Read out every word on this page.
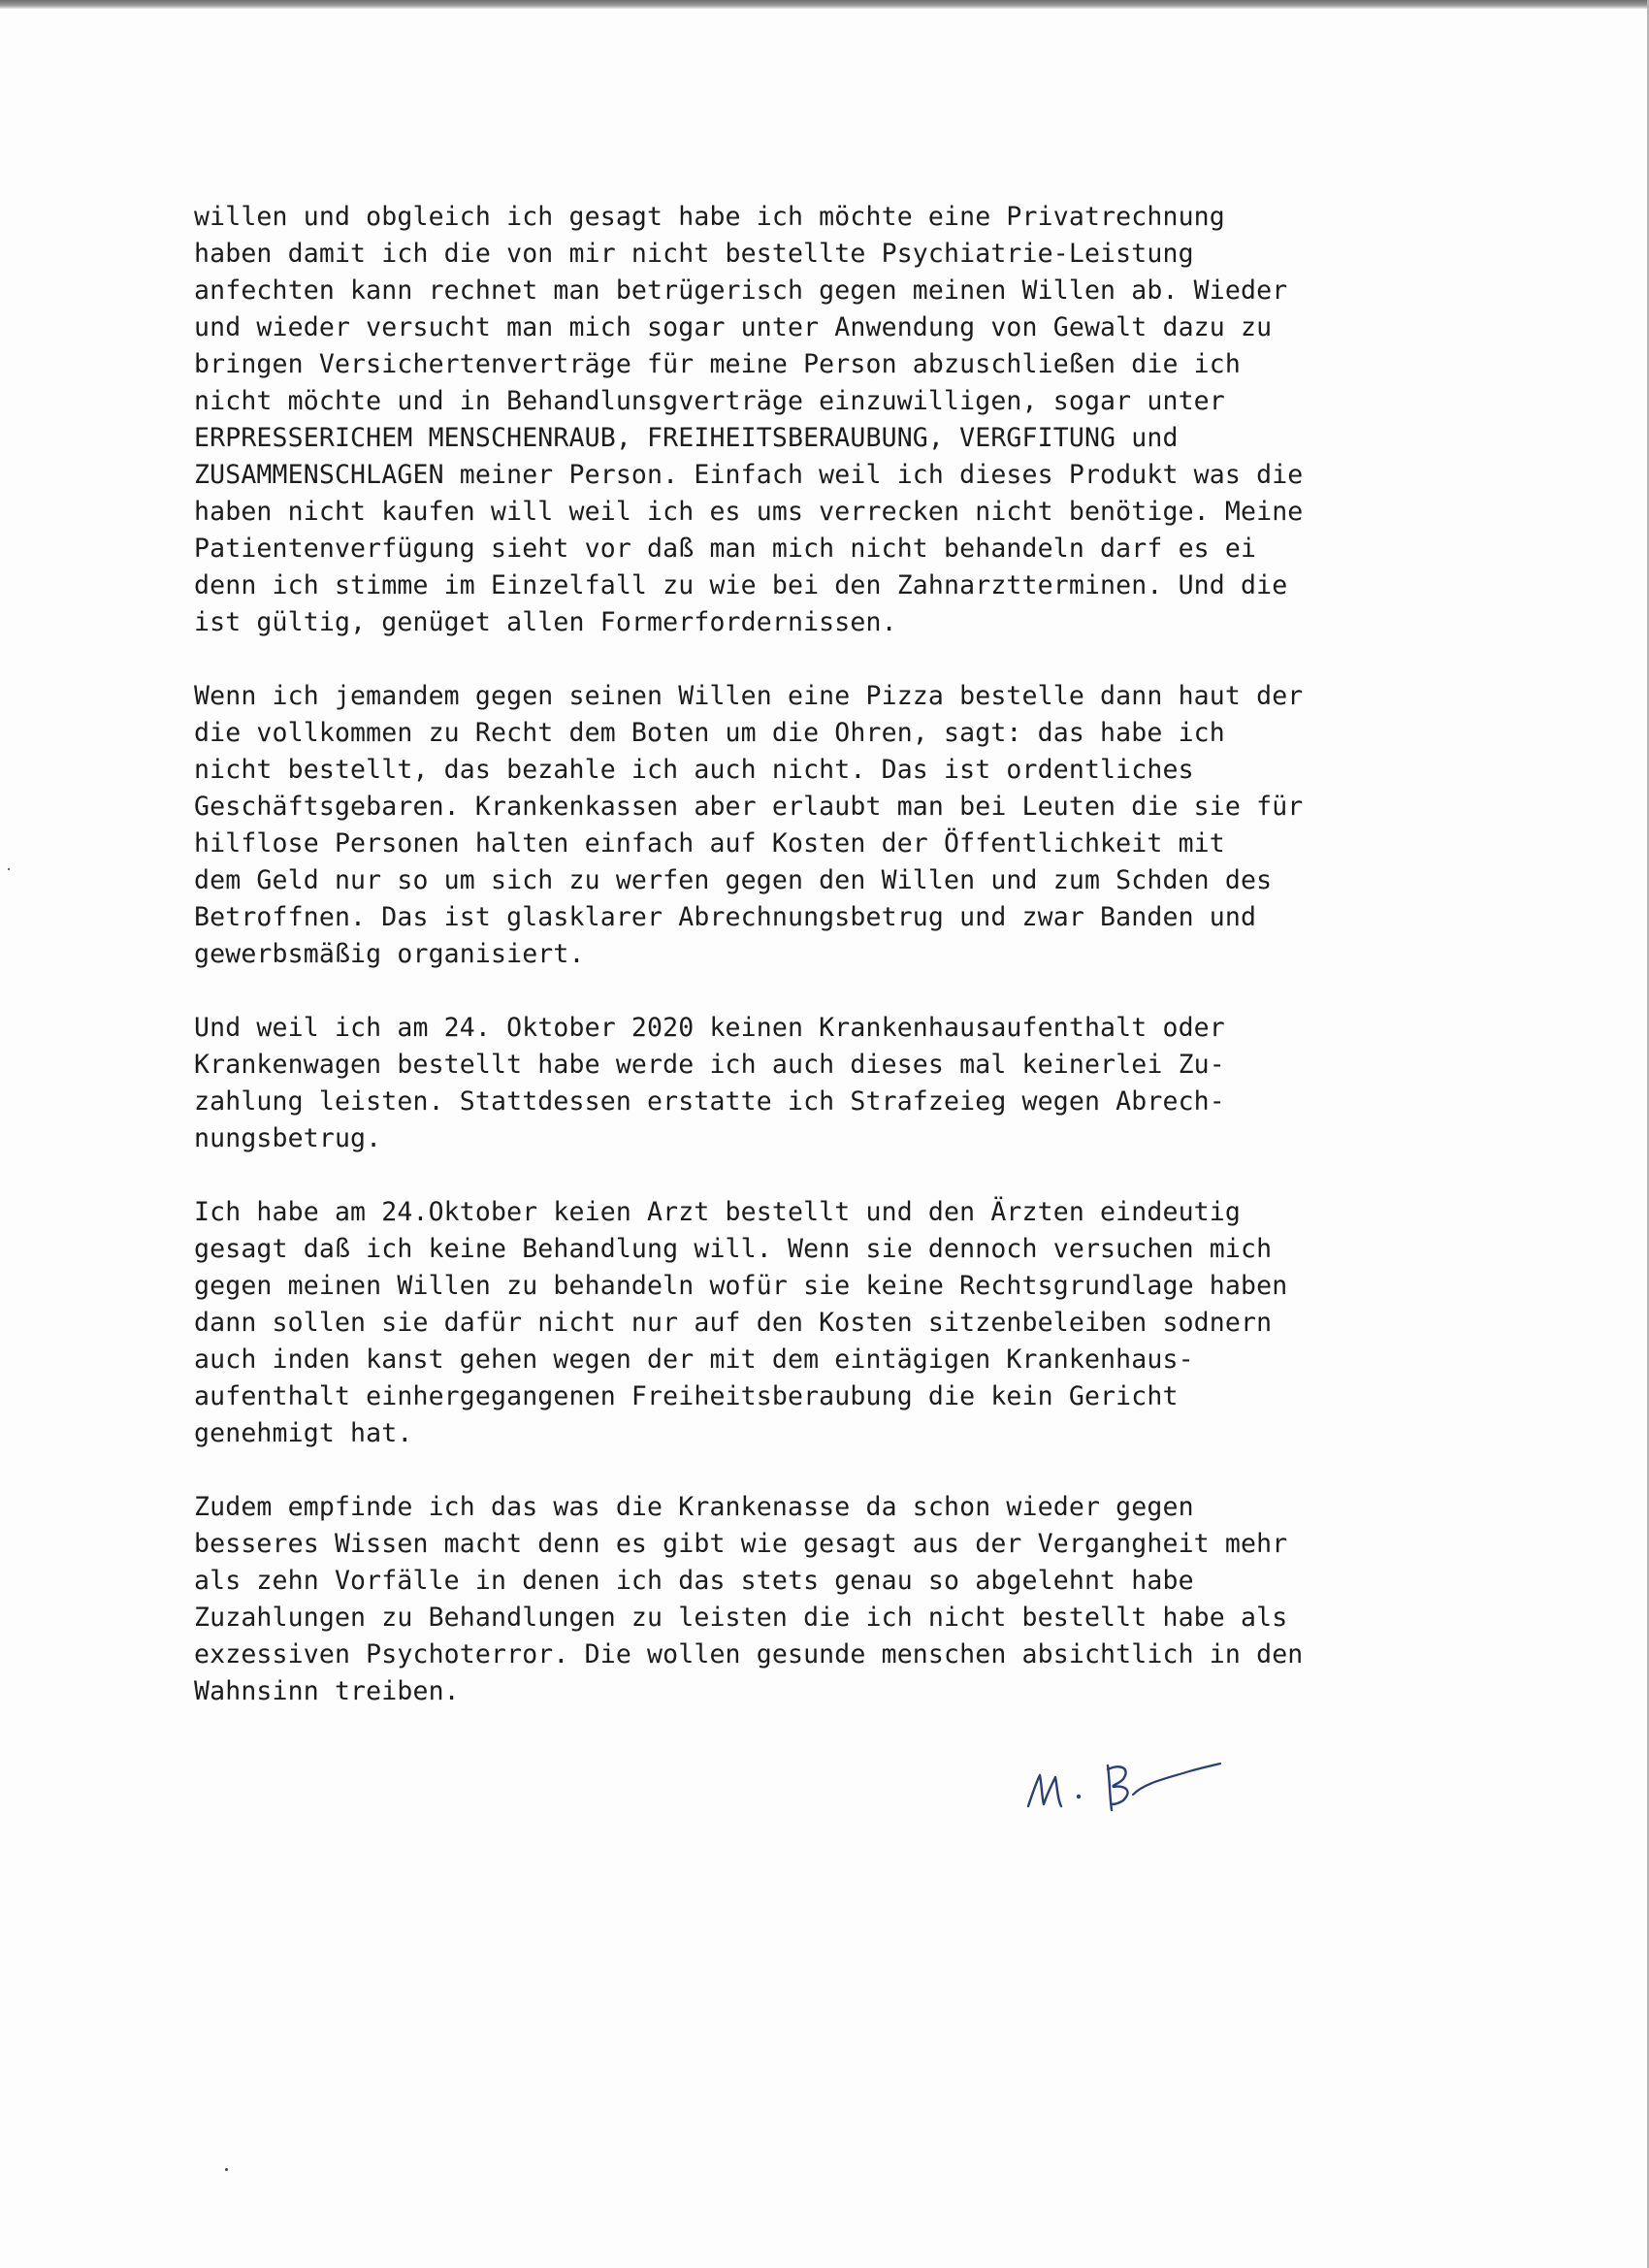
willen und obgleich ich gesagt habe ich möchte eine Privatrechnung
haben damit ich die von mir nicht bestellte Psychiatrie-Leistung
anfechten kann rechnet man betrügerisch gegen meinen Willen ab. Wieder
und wieder versucht man mich sogar unter Anwendung von Gewalt dazu zu
bringen Versichertenverträge für meine Person abzuschließen die ich
nicht möchte und in Behandlunsgverträge einzuwilligen, sogar unter
ERPRESSERICHEM MENSCHENRAUB, FREIHEITSBERAUBUNG, VERGFITUNG und
ZUSAMMENSCHLAGEN meiner Person. Einfach weil ich dieses Produkt was die
haben nicht kaufen will weil ich es ums verrecken nicht benötige. Meine
Patientenverfügung sieht vor daß man mich nicht behandeln darf es ei
denn ich stimme im Einzelfall zu wie bei den Zahnarztterminen. Und die
ist gültig, genüget allen Formerfordernissen.
Wenn ich jemandem gegen seinen Willen eine Pizza bestelle dann haut der
die vollkommen zu Recht dem Boten um die Ohren, sagt: das habe ich
nicht bestellt, das bezahle ich auch nicht. Das ist ordentliches
Geschäftsgebaren. Krankenkassen aber erlaubt man bei Leuten die sie für
hilflose Personen halten einfach auf Kosten der Öffentlichkeit mit
dem Geld nur so um sich zu werfen gegen den Willen und zum Schden des
Betroffnen. Das ist glasklarer Abrechnungsbetrug und zwar Banden und
gewerbsmäßig organisiert.
Und weil ich am 24. Oktober 2020 keinen Krankenhausaufenthalt oder
Krankenwagen bestellt habe werde ich auch dieses mal keinerlei Zu-
zahlung leisten. Stattdessen erstatte ich Strafzeieg wegen Abrech-
nungsbetrug.
Ich habe am 24.Oktober keien Arzt bestellt und den Ärzten eindeutig
gesagt daß ich keine Behandlung will. Wenn sie dennoch versuchen mich
gegen meinen Willen zu behandeln wofür sie keine Rechtsgrundlage haben
dann sollen sie dafür nicht nur auf den Kosten sitzenbeleiben sodnern
auch inden kanst gehen wegen der mit dem eintägigen Krankenhaus-
aufenthalt einhergegangenen Freiheitsberaubung die kein Gericht
genehmigt hat.
Zudem empfinde ich das was die Krankenasse da schon wieder gegen
besseres Wissen macht denn es gibt wie gesagt aus der Vergangheit mehr
als zehn Vorfälle in denen ich das stets genau so abgelehnt habe
Zuzahlungen zu Behandlungen zu leisten die ich nicht bestellt habe als
exzessiven Psychoterror. Die wollen gesunde menschen absichtlich in den
Wahnsinn treiben.
